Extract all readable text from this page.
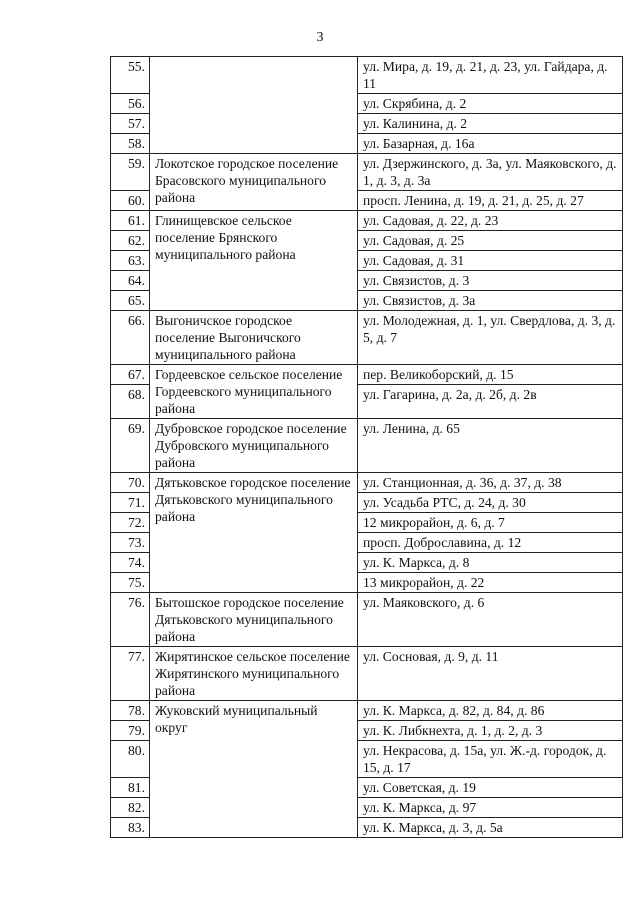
3
55.		ул. Мира, д. 19, д. 21, д. 23, ул. Гайдара, д. 11
56.		ул. Скрябина, д. 2
57.		ул. Калинина, д. 2
58.		ул. Базарная, д. 16а
59.	Локотское городское поселение Брасовского муниципального района	ул. Дзержинского, д. 3а, ул. Маяковского, д. 1, д. 3, д. 3а
60.		просп. Ленина, д. 19, д. 21, д. 25, д. 27
61.	Глинищевское сельское поселение Брянского муниципального района	ул. Садовая, д. 22, д. 23
62.		ул. Садовая, д. 25
63.		ул. Садовая, д. 31
64.		ул. Связистов, д. 3
65.		ул. Связистов, д. 3а
66.	Выгоничское городское поселение Выгоничского муниципального района	ул. Молодежная, д. 1, ул. Свердлова, д. 3, д. 5, д. 7
67.	Гордеевское сельское поселение Гордеевского муниципального района	пер. Великоборский, д. 15
68.		ул. Гагарина, д. 2а, д. 2б, д. 2в
69.	Дубровское городское поселение Дубровского муниципального района	ул. Ленина, д. 65
70.	Дятьковское городское поселение Дятьковского муниципального района	ул. Станционная, д. 36, д. 37, д. 38
71.		ул. Усадьба РТС, д. 24, д. 30
72.		12 микрорайон, д. 6, д. 7
73.		просп. Доброславина, д. 12
74.		ул. К. Маркса, д. 8
75.		13 микрорайон, д. 22
76.	Бытошское городское поселение Дятьковского муниципального района	ул. Маяковского, д. 6
77.	Жирятинское сельское поселение Жирятинского муниципального района	ул. Сосновая, д. 9, д. 11
78.	Жуковский муниципальный округ	ул. К. Маркса, д. 82, д. 84, д. 86
79.		ул. К. Либкнехта, д. 1, д. 2, д. 3
80.		ул. Некрасова, д. 15а, ул. Ж.-д. городок, д. 15, д. 17
81.		ул. Советская, д. 19
82.		ул. К. Маркса, д. 97
83.		ул. К. Маркса, д. 3, д. 5а
